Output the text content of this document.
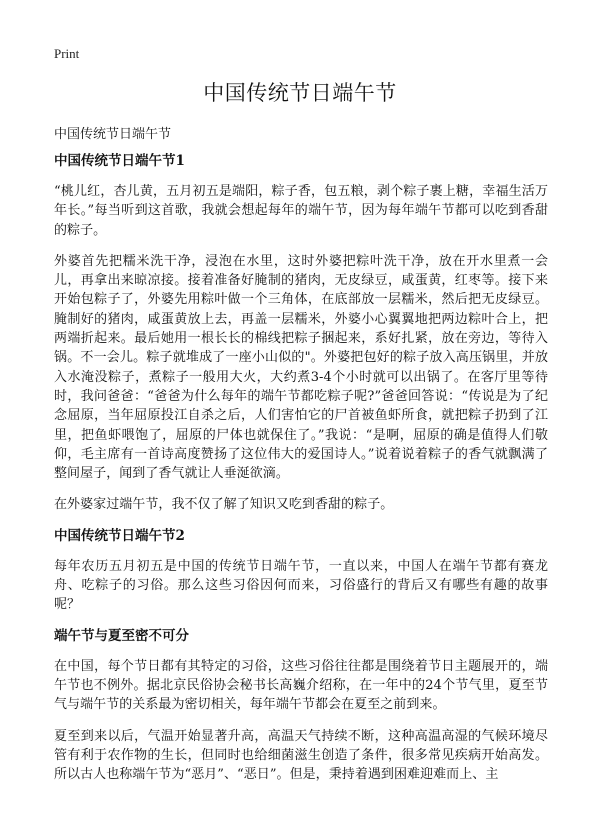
Print
中国传统节日端午节
中国传统节日端午节
中国传统节日端午节1

“桃儿红，杏儿黄，五月初五是端阳，粽子香，包五粮，剥个粽子裹上糖，幸福生活万年长。”每当听到这首歌，我就会想起每年的端午节，因为每年端午节都可以吃到香甜的粽子。

外婆首先把糯米洗干净，浸泡在水里，这时外婆把粽叶洗干净，放在开水里煮一会儿，再拿出来晾凉接。接着准备好腌制的猪肉，无皮绿豆，咸蛋黄，红枣等。接下来开始包粽子了，外婆先用粽叶做一个三角体，在底部放一层糯米，然后把无皮绿豆。腌制好的猪肉，咸蛋黄放上去，再盖一层糯米，外婆小心翼翼地把两边粽叶合上，把两端折起来。最后她用一根长长的棉线把粽子捆起来，系好扎紧，放在旁边，等待入锅。不一会儿。粽子就堆成了一座小山似的"。外婆把包好的粽子放入高压锅里，并放入水淹没粽子，煮粽子一般用大火，大约煮3-4个小时就可以出锅了。在客厅里等待时，我问爸爸：“爸爸为什么每年的端午节都吃粽子呢?”爸爸回答说：“传说是为了纪念屈原，当年屈原投江自杀之后，人们害怕它的尸首被鱼虾所食，就把粽子扔到了江里，把鱼虾喂饱了，屈原的尸体也就保住了。”我说：“是啊，屈原的确是值得人们敬仰，毛主席有一首诗高度赞扬了这位伟大的爱国诗人。”说着说着粽子的香气就飘满了整间屋子，闻到了香气就让人垂涎欲滴。

在外婆家过端午节，我不仅了解了知识又吃到香甜的粽子。

中国传统节日端午节2

每年农历五月初五是中国的传统节日端午节，一直以来，中国人在端午节都有赛龙舟、吃粽子的习俗。那么这些习俗因何而来，习俗盛行的背后又有哪些有趣的故事呢？

端午节与夏至密不可分

在中国，每个节日都有其特定的习俗，这些习俗往往都是围绕着节日主题展开的，端午节也不例外。据北京民俗协会秘书长高巍介绍称，在一年中的24个节气里，夏至节气与端午节的关系最为密切相关，每年端午节都会在夏至之前到来。

夏至到来以后，气温开始显著升高，高温天气持续不断，这种高温高湿的气候环境尽管有利于农作物的生长，但同时也给细菌滋生创造了条件，很多常见疾病开始高发。所以古人也称端午节为“恶月”、“恶日”。但是，秉持着遇到困难迎难而上、主
